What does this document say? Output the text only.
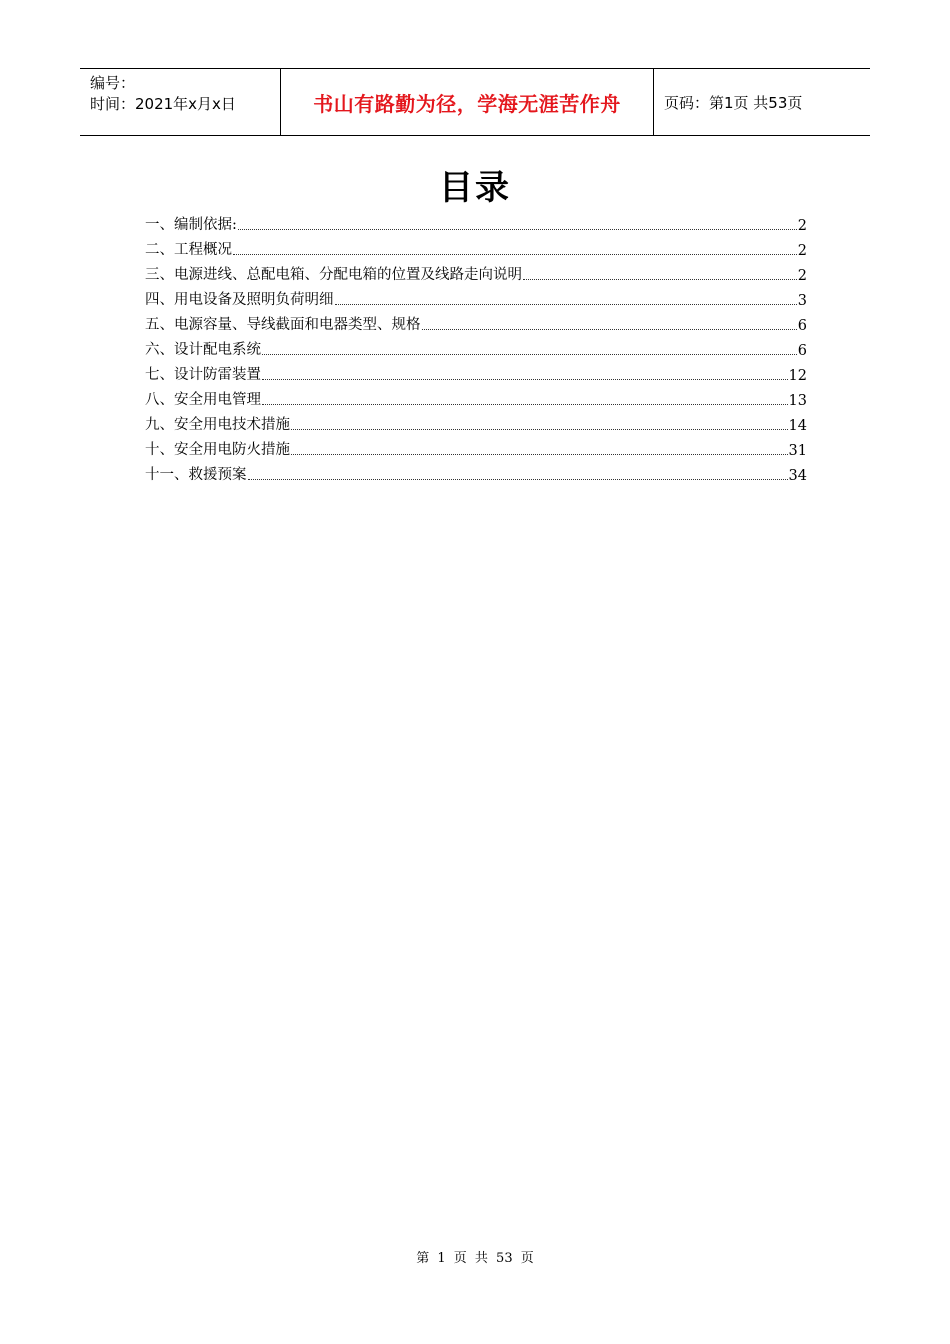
编号：
时间：2021年x月x日	书山有路勤为径，学海无涯苦作舟	页码：第1页 共53页
目录
一、编制依据:	2
二、工程概况	2
三、电源进线、总配电箱、分配电箱的位置及线路走向说明	2
四、用电设备及照明负荷明细	3
五、电源容量、导线截面和电器类型、规格	6
六、设计配电系统	6
七、设计防雷装置	12
八、安全用电管理	13
九、安全用电技术措施	14
十、安全用电防火措施	31
十一、救援预案	34
第 1 页 共 53 页
